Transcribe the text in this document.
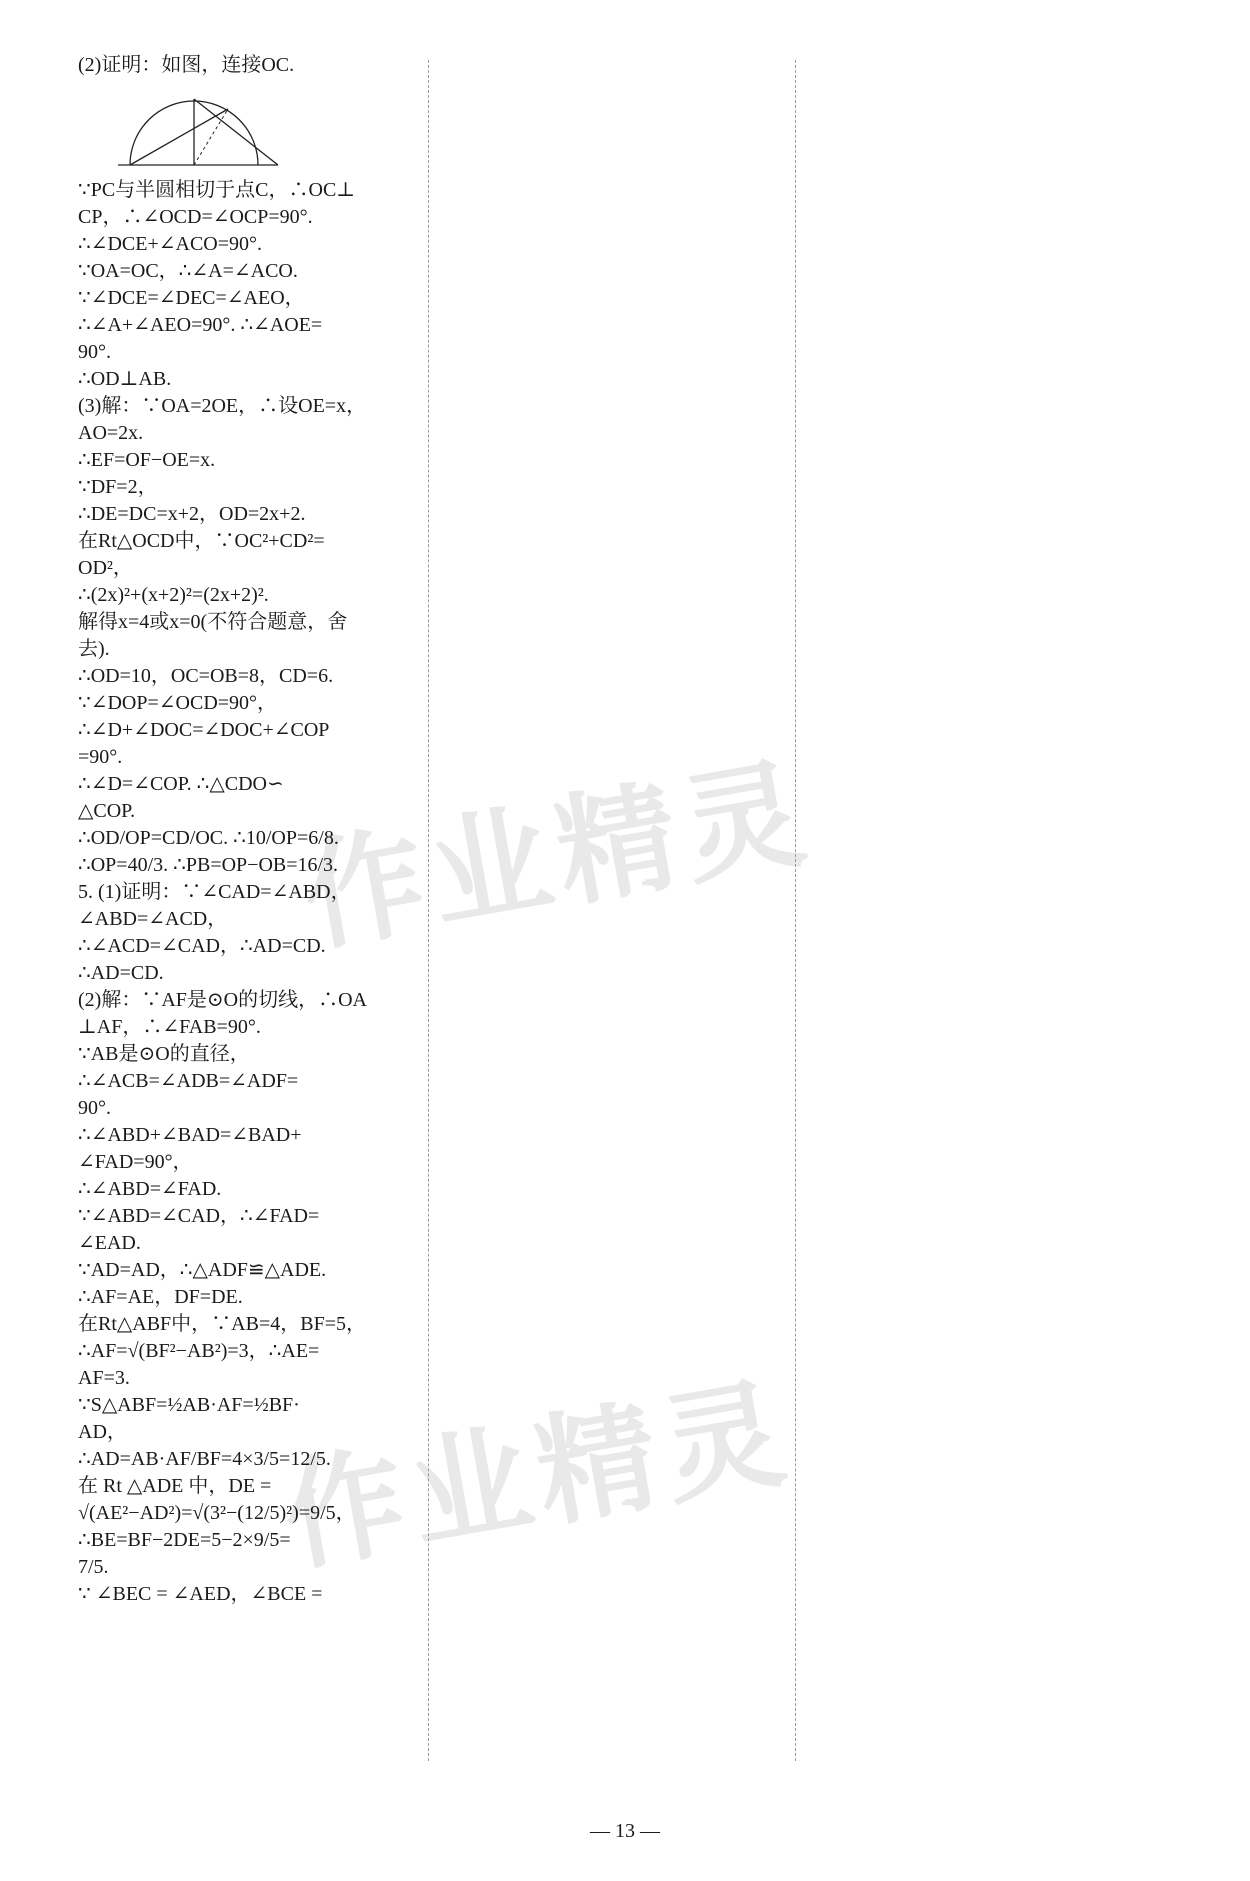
作业精灵
作业精灵
(2)证明：如图，连接OC.
∵PC与半圆相切于点C，∴OC⊥
CP，∴∠OCD=∠OCP=90°.
∴∠DCE+∠ACO=90°.
∵OA=OC，∴∠A=∠ACO.
∵∠DCE=∠DEC=∠AEO，
∴∠A+∠AEO=90°. ∴∠AOE=
90°.
∴OD⊥AB.
(3)解：∵OA=2OE，∴设OE=x，
AO=2x.
∴EF=OF−OE=x.
∵DF=2，
∴DE=DC=x+2，OD=2x+2.
在Rt△OCD中，∵OC²+CD²=
OD²，
∴(2x)²+(x+2)²=(2x+2)².
解得x=4或x=0(不符合题意，舍
去).
∴OD=10，OC=OB=8，CD=6.
∵∠DOP=∠OCD=90°，
∴∠D+∠DOC=∠DOC+∠COP
=90°.
∴∠D=∠COP. ∴△CDO∽
△COP.
∴OD/OP=CD/OC. ∴10/OP=6/8.
∴OP=40/3. ∴PB=OP−OB=16/3.
5. (1)证明：∵∠CAD=∠ABD，
∠ABD=∠ACD，
∴∠ACD=∠CAD，∴AD=CD.
∴AD=CD.
(2)解：∵AF是⊙O的切线，∴OA
⊥AF，∴∠FAB=90°.
∵AB是⊙O的直径，
∴∠ACB=∠ADB=∠ADF=
90°.
∴∠ABD+∠BAD=∠BAD+
∠FAD=90°，
∴∠ABD=∠FAD.
∵∠ABD=∠CAD，∴∠FAD=
∠EAD.
∵AD=AD，∴△ADF≌△ADE.
∴AF=AE，DF=DE.
在Rt△ABF中，∵AB=4，BF=5，
∴AF=√(BF²−AB²)=3，∴AE=
AF=3.
∵S△ABF=½AB·AF=½BF·
AD，
∴AD=AB·AF/BF=4×3/5=12/5.
在 Rt △ADE 中，DE =
√(AE²−AD²)=√(3²−(12/5)²)=9/5，
∴BE=BF−2DE=5−2×9/5=
7/5.
∵ ∠BEC = ∠AED，∠BCE =
— 13 —
